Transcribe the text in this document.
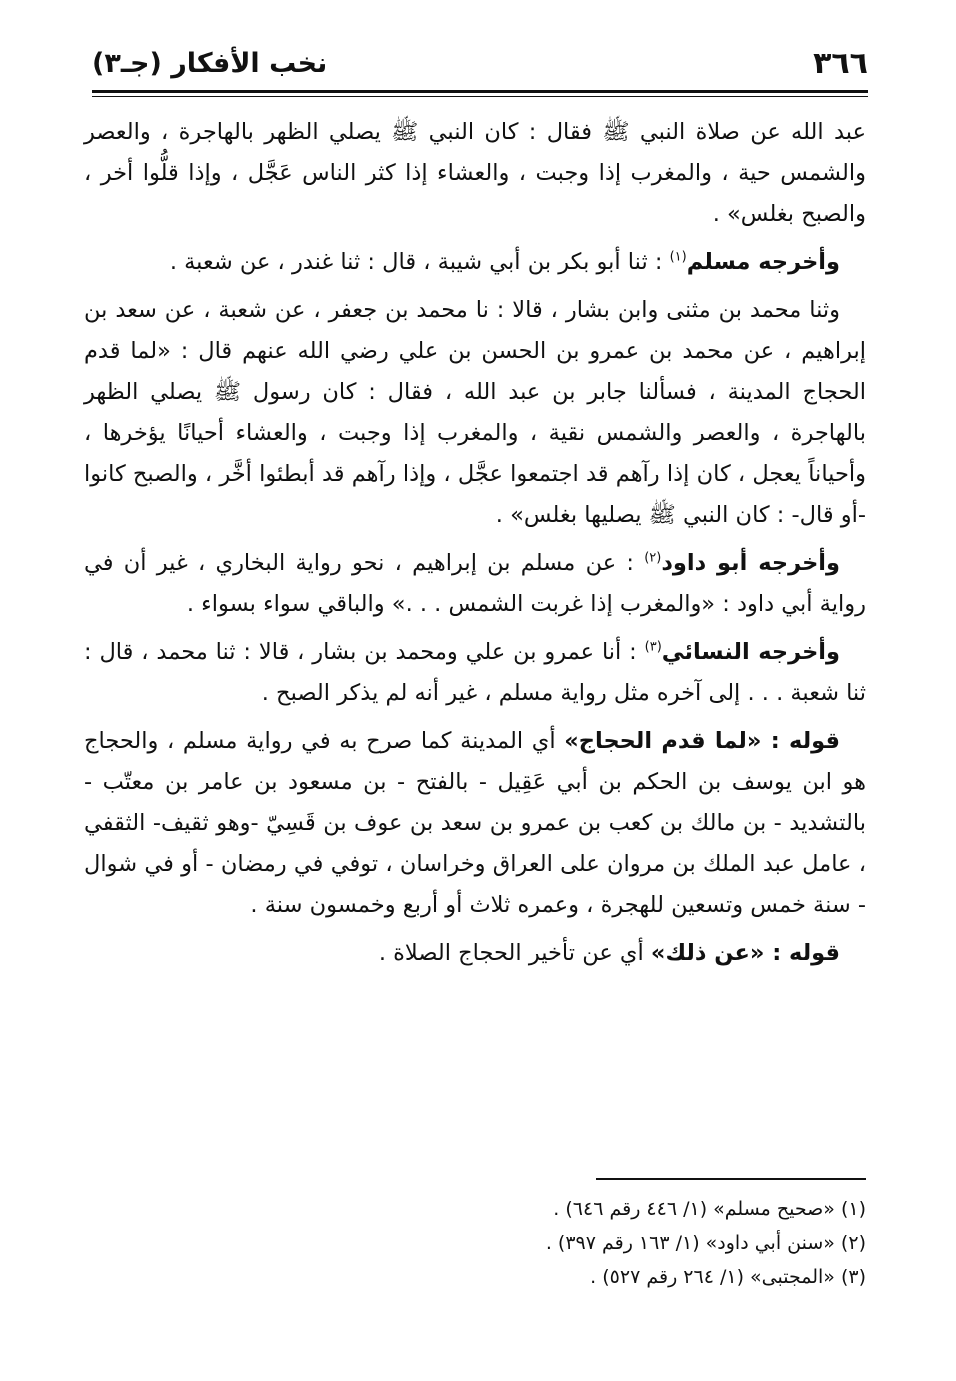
٣٦٦
نخب الأفكار (جـ٣)

عبد الله عن صلاة النبي ﷺ فقال : كان النبي ﷺ يصلي الظهر بالهاجرة ، والعصر والشمس حية ، والمغرب إذا وجبت ، والعشاء إذا كثر الناس عَجَّل ، وإذا قلُّوا أخر ، والصبح بغلس» .

وأخرجه مسلم$^{(١)}$ : ثنا أبو بكر بن أبي شيبة ، قال : ثنا غندر ، عن شعبة .

وثنا محمد بن مثنى وابن بشار ، قالا : نا محمد بن جعفر ، عن شعبة ، عن سعد بن إبراهيم ، عن محمد بن عمرو بن الحسن بن علي رضي الله عنهم قال : «لما قدم الحجاج المدينة ، فسألنا جابر بن عبد الله ، فقال : كان رسول ﷺ يصلي الظهر بالهاجرة ، والعصر والشمس نقية ، والمغرب إذا وجبت ، والعشاء أحيانًا يؤخرها ، وأحياناً يعجل ، كان إذا رآهم قد اجتمعوا عجَّل ، وإذا رآهم قد أبطئوا أخَّر ، والصبح كانوا -أو قال- : كان النبي ﷺ يصليها بغلس» .

وأخرجه أبو داود$^{(٢)}$ : عن مسلم بن إبراهيم ، نحو رواية البخاري ، غير أن في رواية أبي داود : «والمغرب إذا غربت الشمس . . .» والباقي سواء بسواء .

وأخرجه النسائي$^{(٣)}$ : أنا عمرو بن علي ومحمد بن بشار ، قالا : ثنا محمد ، قال : ثنا شعبة . . . إلى آخره مثل رواية مسلم ، غير أنه لم يذكر الصبح .

قوله : «لما قدم الحجاج» أي المدينة كما صرح به في رواية مسلم ، والحجاج هو ابن يوسف بن الحكم بن أبي عَقِيل - بالفتح - بن مسعود بن عامر بن معتّب - بالتشديد - بن مالك بن كعب بن عمرو بن سعد بن عوف بن قَسِيّ -وهو ثقيف- الثقفي ، عامل عبد الملك بن مروان على العراق وخراسان ، توفي في رمضان - أو في شوال - سنة خمس وتسعين للهجرة ، وعمره ثلاث أو أربع وخمسون سنة .

قوله : «عن ذلك» أي عن تأخير الحجاج الصلاة .

(١) «صحيح مسلم» (١/ ٤٤٦ رقم ٦٤٦) .
(٢) «سنن أبي داود» (١/ ١٦٣ رقم ٣٩٧) .
(٣) «المجتبى» (١/ ٢٦٤ رقم ٥٢٧) .
